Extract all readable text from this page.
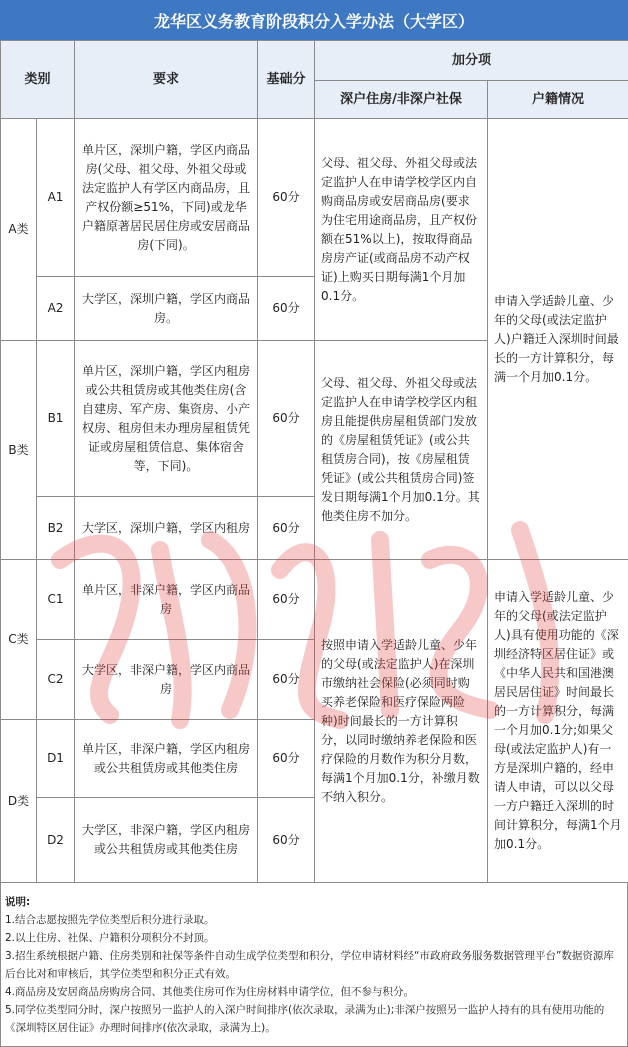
龙华区义务教育阶段积分入学办法（大学区）
类别		要求	基础分	加分项	
				深户住房/非深户社保	户籍情况
A类	A1	单片区，深圳户籍，学区内商品房(父母、祖父母、外祖父母或法定监护人有学区内商品房，且产权份额≥51%，下同)或龙华户籍原著居民居住房或安居商品房(下同)。	60分	父母、祖父母、外祖父母或法定监护人在申请学校学区内自购商品房或安居商品房(要求为住宅用途商品房，且产权份额在51%以上)，按取得商品房房产证(或商品房不动产权证)上购买日期每满1个月加0.1分。	申请入学适龄儿童、少年的父母(或法定监护人)户籍迁入深圳时间最长的一方计算积分，每满一个月加0.1分。
	A2	大学区，深圳户籍，学区内商品房。	60分		
B类	B1	单片区，深圳户籍，学区内租房或公共租赁房或其他类住房(含自建房、军产房、集资房、小产权房、租房但未办理房屋租赁凭证或房屋租赁信息、集体宿舍等，下同)。	60分	父母、祖父母、外祖父母或法定监护人在申请学校学区内租房且能提供房屋租赁部门发放的《房屋租赁凭证》(或公共租赁房合同)，按《房屋租赁凭证》(或公共租赁房合同)签发日期每满1个月加0.1分。其他类住房不加分。	
	B2	大学区，深圳户籍，学区内租房	60分		
C类	C1	单片区，非深户籍，学区内商品房	60分	按照申请入学适龄儿童、少年的父母(或法定监护人)在深圳市缴纳社会保险(必须同时购买养老保险和医疗保险两险种)时间最长的一方计算积分，以同时缴纳养老保险和医疗保险的月数作为积分月数，每满1个月加0.1分，补缴月数不纳入积分。	申请入学适龄儿童、少年的父母(或法定监护人)具有使用功能的《深圳经济特区居住证》或《中华人民共和国港澳居民居住证》时间最长的一方计算积分，每满一个月加0.1分;如果父母(或法定监护人)有一方是深圳户籍的，经申请人申请，可以以父母一方户籍迁入深圳的时间计算积分，每满1个月加0.1分。
	C2	大学区，非深户籍，学区内商品房	60分		
D类	D1	单片区，非深户籍，学区内租房或公共租赁房或其他类住房	60分		
	D2	大学区，非深户籍，学区内租房或公共租赁房或其他类住房	60分		
说明:
1.结合志愿按照先学位类型后积分进行录取。
2.以上住房、社保、户籍积分项积分不封顶。
3.招生系统根据户籍、住房类别和社保等条件自动生成学位类型和积分，学位申请材料经“市政府政务服务数据管理平台”数据资源库后台比对和审核后，其学位类型和积分正式有效。
4.商品房及安居商品房购房合同、其他类住房可作为住房材料申请学位，但不参与积分。
5.同学位类型同分时，深户按照另一监护人的入深户时间排序(依次录取，录满为止);非深户按照另一监护人持有的具有使用功能的《深圳特区居住证》办理时间排序(依次录取，录满为上)。
